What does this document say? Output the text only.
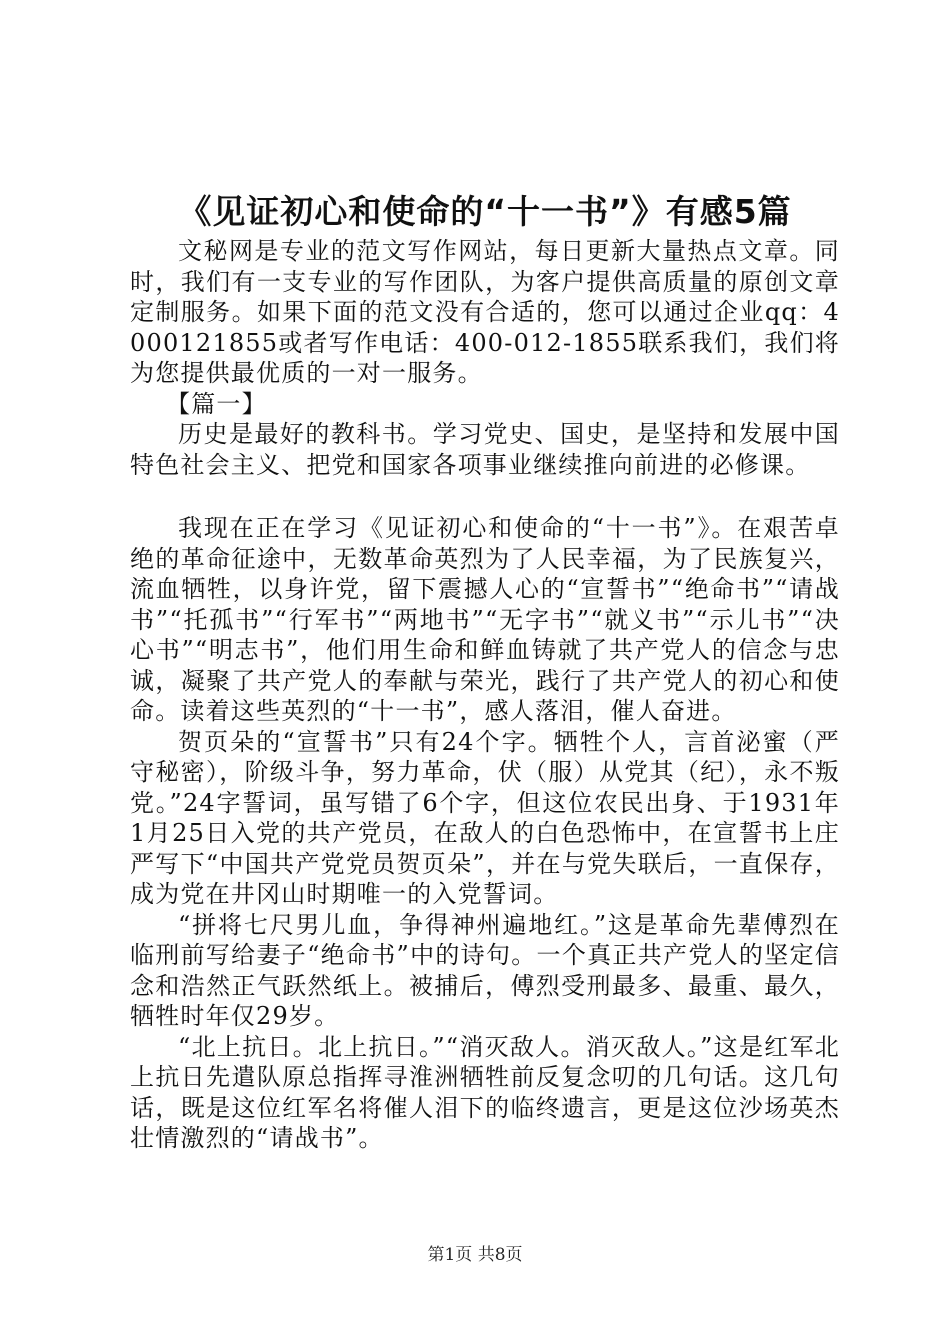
《见证初心和使命的“十一书”》有感5篇

文秘网是专业的范文写作网站，每日更新大量热点文章。同时，我们有一支专业的写作团队，为客户提供高质量的原创文章定制服务。如果下面的范文没有合适的，您可以通过企业qq：4000121855或者写作电话：400-012-1855联系我们，我们将为您提供最优质的一对一服务。

【篇一】

历史是最好的教科书。学习党史、国史，是坚持和发展中国特色社会主义、把党和国家各项事业继续推向前进的必修课。

我现在正在学习《见证初心和使命的“十一书”》。在艰苦卓绝的革命征途中，无数革命英烈为了人民幸福，为了民族复兴，流血牺牲，以身许党，留下震撼人心的“宣誓书”“绝命书”“请战书”“托孤书”“行军书”“两地书”“无字书”“就义书”“示儿书”“决心书”“明志书”，他们用生命和鲜血铸就了共产党人的信念与忠诚，凝聚了共产党人的奉献与荣光，践行了共产党人的初心和使命。读着这些英烈的“十一书”，感人落泪，催人奋进。

贺页朵的“宣誓书”只有24个字。牺牲个人，言首泌蜜（严守秘密），阶级斗争，努力革命，伏（服）从党其（纪），永不叛党。”24字誓词，虽写错了6个字，但这位农民出身、于1931年1月25日入党的共产党员，在敌人的白色恐怖中，在宣誓书上庄严写下“中国共产党党员贺页朵”，并在与党失联后，一直保存，成为党在井冈山时期唯一的入党誓词。

“拼将七尺男儿血，争得神州遍地红。”这是革命先辈傅烈在临刑前写给妻子“绝命书”中的诗句。一个真正共产党人的坚定信念和浩然正气跃然纸上。被捕后，傅烈受刑最多、最重、最久，牺牲时年仅29岁。

“北上抗日。北上抗日。”“消灭敌人。消灭敌人。”这是红军北上抗日先遣队原总指挥寻淮洲牺牲前反复念叨的几句话。这几句话，既是这位红军名将催人泪下的临终遗言，更是这位沙场英杰壮情激烈的“请战书”。

第1页 共8页
